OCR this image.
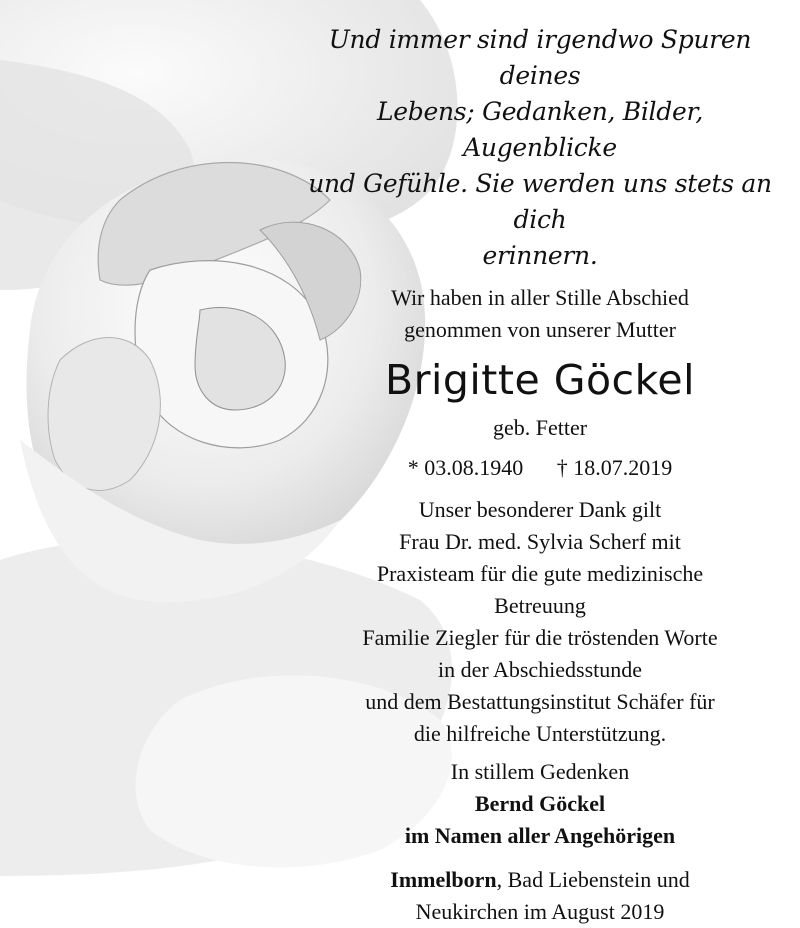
Und immer sind irgendwo Spuren deines
Lebens; Gedanken, Bilder, Augenblicke
und Gefühle. Sie werden uns stets an dich
erinnern.
Wir haben in aller Stille Abschied
genommen von unserer Mutter
Brigitte Göckel
geb. Fetter
* 03.08.1940 † 18.07.2019
Unser besonderer Dank gilt
Frau Dr. med. Sylvia Scherf mit
Praxisteam für die gute medizinische
Betreuung
Familie Ziegler für die tröstenden Worte
in der Abschiedsstunde
und dem Bestattungsinstitut Schäfer für
die hilfreiche Unterstützung.
In stillem Gedenken
Bernd Göckel
im Namen aller Angehörigen
Immelborn, Bad Liebenstein und
Neukirchen im August 2019
